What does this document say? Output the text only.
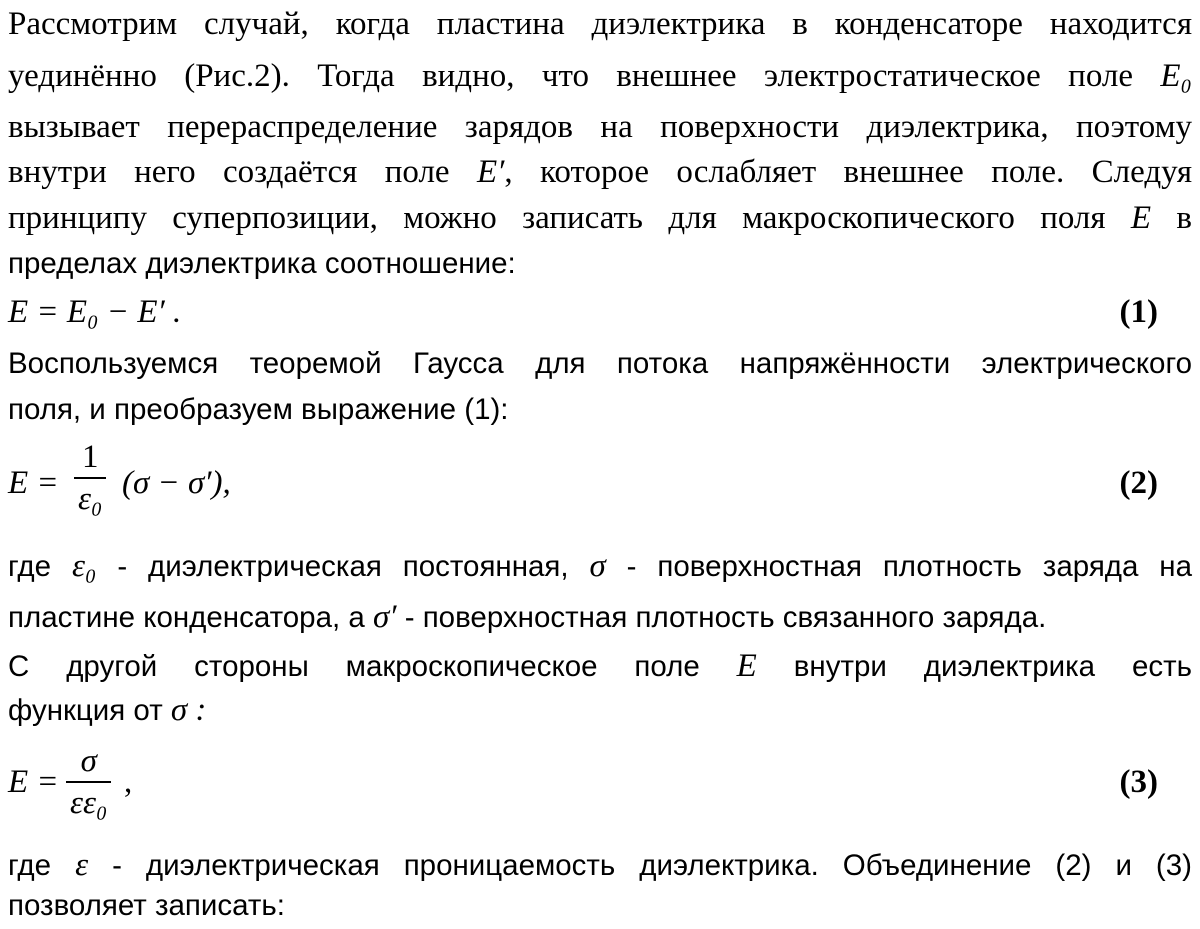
Рассмотрим случай, когда пластина диэлектрика в конденсаторе находится
уединённо (Рис.2). Тогда видно, что внешнее электростатическое поле E₀
вызывает перераспределение зарядов на поверхности диэлектрика, поэтому
внутри него создаётся поле E′, которое ослабляет внешнее поле. Следуя
принципу суперпозиции, можно записать для макроскопического поля E в
пределах диэлектрика соотношение:
E = E₀ − E′ .	(1)
Воспользуемся теоремой Гаусса для потока напряжённости электрического
поля, и преобразуем выражение (1):
E =
1
ε₀ (σ − σ′),	(2)
где ε₀ - диэлектрическая постоянная, σ - поверхностная плотность заряда на
пластине конденсатора, а σ′ - поверхностная плотность связанного заряда.
С другой стороны макроскопическое поле E внутри диэлектрика есть
функция от σ :
E =
σ
εε₀
,	(3)
где ε - диэлектрическая проницаемость диэлектрика. Объединение (2) и (3)
позволяет записать:
